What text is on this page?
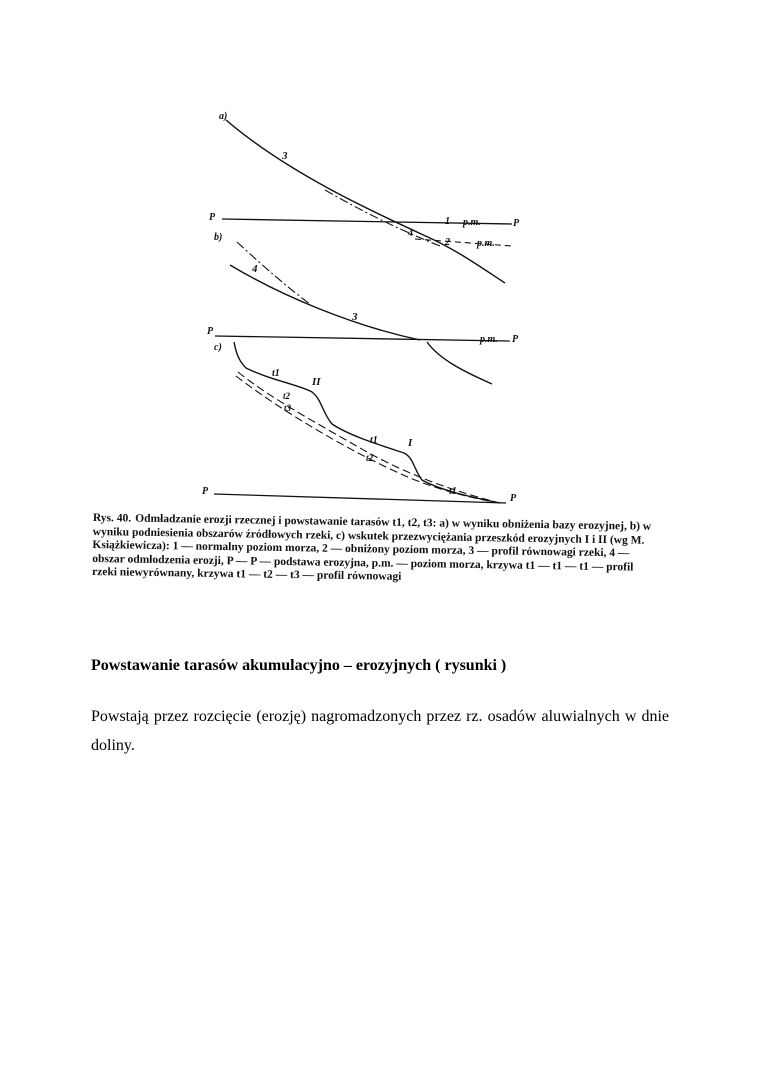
a)
3
4
1
2
p.m.
p.m.
P
P
b)
4
3
p.m.
P
P
c)
t1
t2
t3
II
t1
t2
I
t1
P
P
Rys. 40. Odmładzanie erozji rzecznej i powstawanie tarasów t1, t2, t3: a) w wyniku obniżenia bazy erozyjnej, b) w wyniku podniesienia obszarów źródłowych rzeki, c) wskutek przezwyciężania przeszkód erozyjnych I i II (wg M. Książkiewicza): 1 — normalny poziom morza, 2 — obniżony poziom morza, 3 — profil równowagi rzeki, 4 — obszar odmłodzenia erozji, P — P — podstawa erozyjna, p.m. — poziom morza, krzywa t1 — t1 — t1 — profil rzeki niewyrównany, krzywa t1 — t2 — t3 — profil równowagi
Powstawanie tarasów akumulacyjno – erozyjnych ( rysunki )

Powstają przez rozcięcie (erozję) nagromadzonych przez rz. osadów aluwialnych w dnie doliny.
